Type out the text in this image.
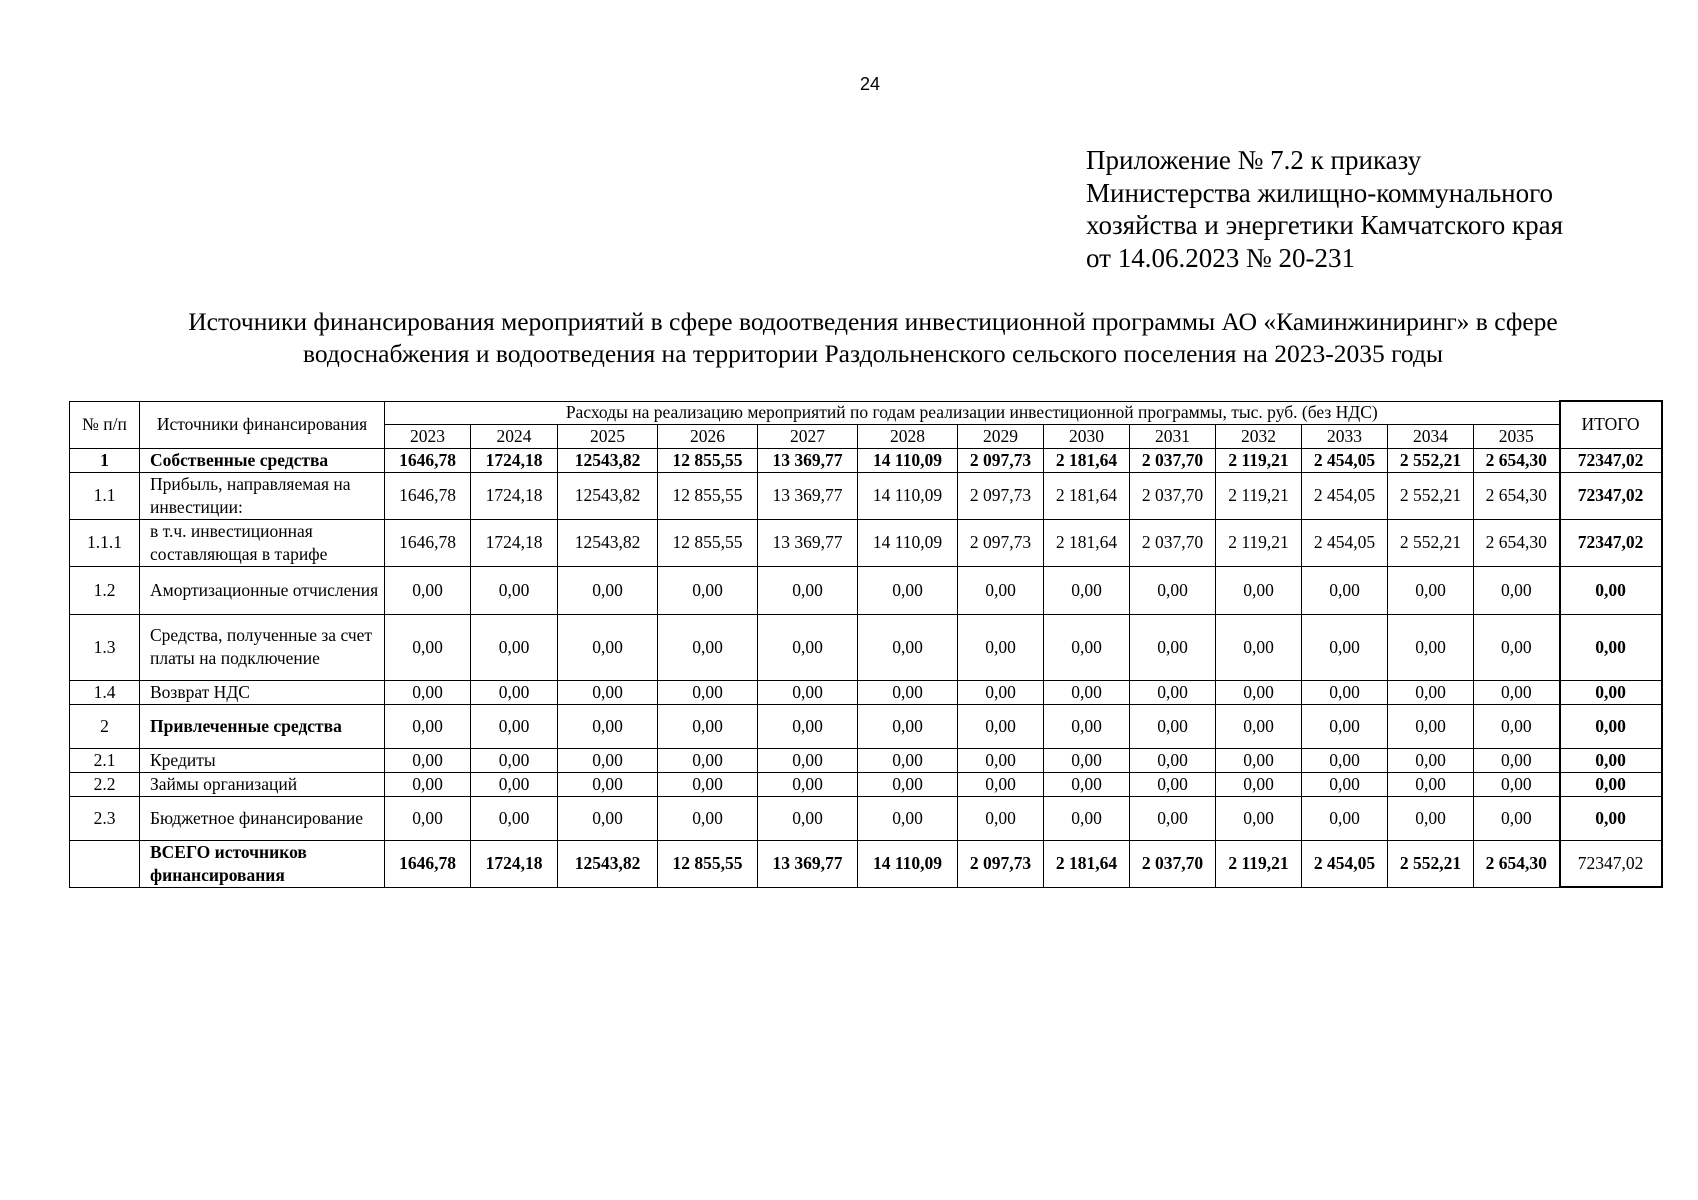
24
Приложение № 7.2 к приказу
Министерства жилищно-коммунального
хозяйства и энергетики Камчатского края
от 14.06.2023 № 20-231
Источники финансирования мероприятий в сфере водоотведения инвестиционной программы АО «Каминжиниринг» в сфере
водоснабжения и водоотведения на территории Раздольненского сельского поселения на 2023-2035 годы
№ п/п	Источники финансирования	Расходы на реализацию мероприятий по годам реализации инвестиционной программы, тыс. руб. (без НДС)													ИТОГО
		2023	2024	2025	2026	2027	2028	2029	2030	2031	2032	2033	2034	2035	
1	Собственные средства	1646,78	1724,18	12543,82	12 855,55	13 369,77	14 110,09	2 097,73	2 181,64	2 037,70	2 119,21	2 454,05	2 552,21	2 654,30	72347,02
1.1	Прибыль, направляемая на инвестиции:	1646,78	1724,18	12543,82	12 855,55	13 369,77	14 110,09	2 097,73	2 181,64	2 037,70	2 119,21	2 454,05	2 552,21	2 654,30	72347,02
1.1.1	в т.ч. инвестиционная составляющая в тарифе	1646,78	1724,18	12543,82	12 855,55	13 369,77	14 110,09	2 097,73	2 181,64	2 037,70	2 119,21	2 454,05	2 552,21	2 654,30	72347,02
1.2	Амортизационные отчисления	0,00	0,00	0,00	0,00	0,00	0,00	0,00	0,00	0,00	0,00	0,00	0,00	0,00	0,00
1.3	Средства, полученные за счет платы на подключение	0,00	0,00	0,00	0,00	0,00	0,00	0,00	0,00	0,00	0,00	0,00	0,00	0,00	0,00
1.4	Возврат НДС	0,00	0,00	0,00	0,00	0,00	0,00	0,00	0,00	0,00	0,00	0,00	0,00	0,00	0,00
2	Привлеченные средства	0,00	0,00	0,00	0,00	0,00	0,00	0,00	0,00	0,00	0,00	0,00	0,00	0,00	0,00
2.1	Кредиты	0,00	0,00	0,00	0,00	0,00	0,00	0,00	0,00	0,00	0,00	0,00	0,00	0,00	0,00
2.2	Займы организаций	0,00	0,00	0,00	0,00	0,00	0,00	0,00	0,00	0,00	0,00	0,00	0,00	0,00	0,00
2.3	Бюджетное финансирование	0,00	0,00	0,00	0,00	0,00	0,00	0,00	0,00	0,00	0,00	0,00	0,00	0,00	0,00
	ВСЕГО источников финансирования	1646,78	1724,18	12543,82	12 855,55	13 369,77	14 110,09	2 097,73	2 181,64	2 037,70	2 119,21	2 454,05	2 552,21	2 654,30	72347,02
